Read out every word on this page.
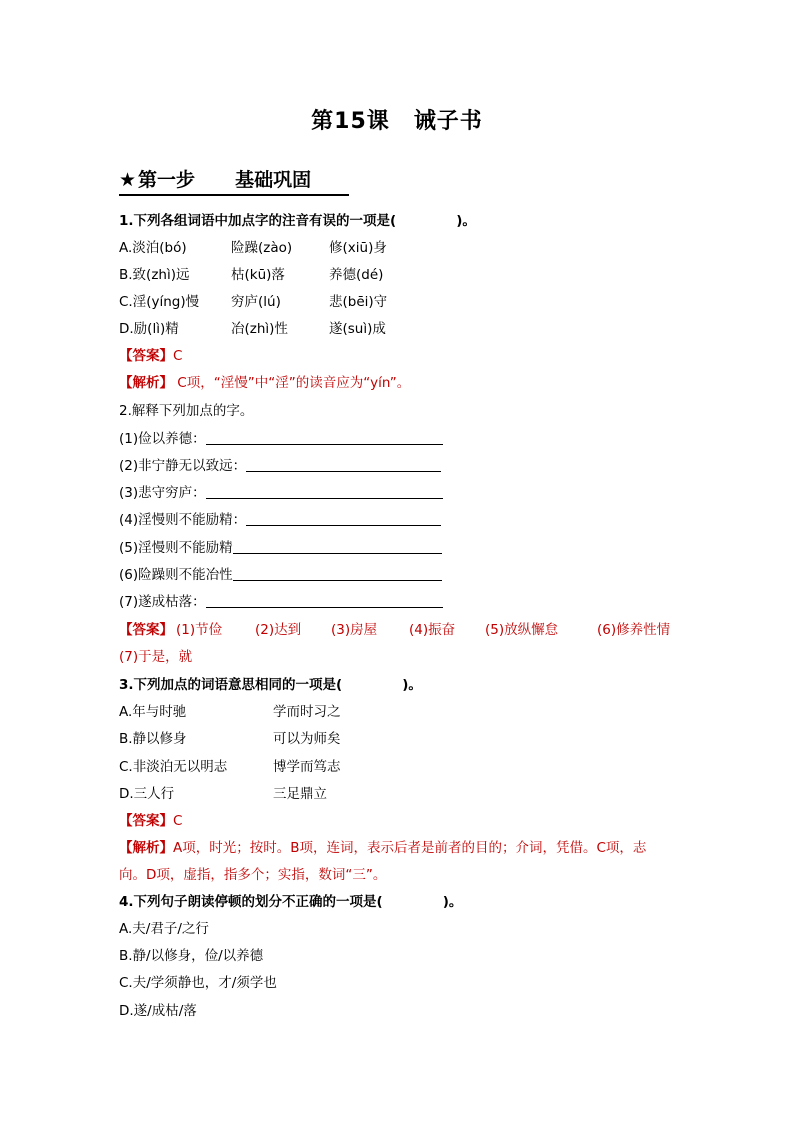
第15课 诫子书
★ 第一步 基础巩固
1.下列各组词语中加点字的注音有误的一项是(	)。
A.淡泊(bó)	险躁(zào)	修(xiū)身
B.致(zhì)远	枯(kū)落	养德(dé)
C.淫(yíng)慢 穷庐(lú)	悲(bēi)守
D.励(lì)精	冶(zhì)性	遂(suì)成
【答案】C
【解析】 C项，“淫慢”中“淫”的读音应为“yín”。
2.解释下列加点的字。
(1)俭以养德：
(2)非宁静无以致远：
(3)悲守穷庐：
(4)淫慢则不能励精：
(5)淫慢则不能励精
(6)险躁则不能冶性
(7)遂成枯落：
【答案】 (1)节俭 (2)达到 (3)房屋 (4)振奋 (5)放纵懈怠	(6)修养性情
(7)于是，就
3.下列加点的词语意思相同的一项是(	)。
A.年与时驰	学而时习之
B.静以修身	可以为师矣
C.非淡泊无以明志	博学而笃志
D.三人行	三足鼎立
【答案】C
【解析】A项，时光；按时。B项，连词，表示后者是前者的目的；介词，凭借。C项，志
向。D项，虚指，指多个；实指，数词“三”。
4.下列句子朗读停顿的划分不正确的一项是(	)。
A.夫/君子/之行
B.静/以修身，俭/以养德
C.夫/学须静也，才/须学也
D.遂/成枯/落
